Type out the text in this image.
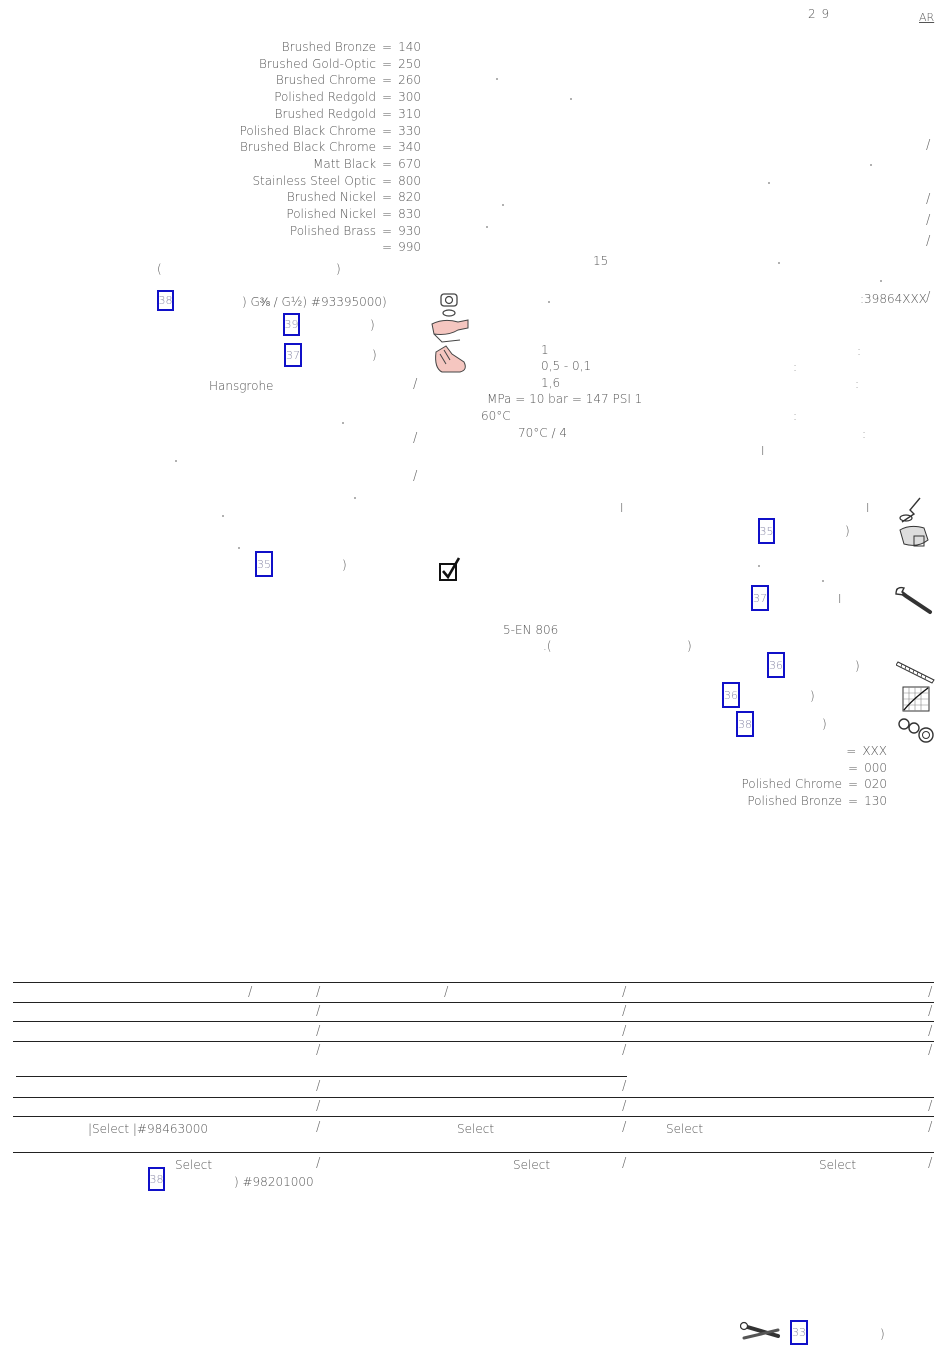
2 9	AR
Brushed Bronze = 140
Brushed Gold-Optic = 250
Brushed Chrome = 260
Polished Redgold = 300
Brushed Redgold = 310
Polished Black Chrome = 330
Brushed Black Chrome = 340
Matt Black = 670
Stainless Steel Optic = 800
Brushed Nickel = 820
Polished Nickel = 830
Polished Brass = 930
= 990
(	)
38	) G⅜ / G½) #93395000)
39	)
37	)
Hansgrohe	/
/
/
35	)
15
1
0,5 - 0,1
1,6
MPa = 10 bar = 147 PSI 1
60°C
70°C / 4
I
5-EN 806
.(	)
/
/
/
/
:39864XXX /
:
:
:
:
:
I
I
35	)
37	I
36	)
36	)
38	)
= XXX
= 000
Polished Chrome = 020
Polished Bronze = 130
/	/	/	/	/
/	/	/
/	/	/
/	/	/
/	/
/	/	/
|Select |#98463000	/	Select	/	Select	/
Select	/	Select	/	Select	/
38	) #98201000
33	)
